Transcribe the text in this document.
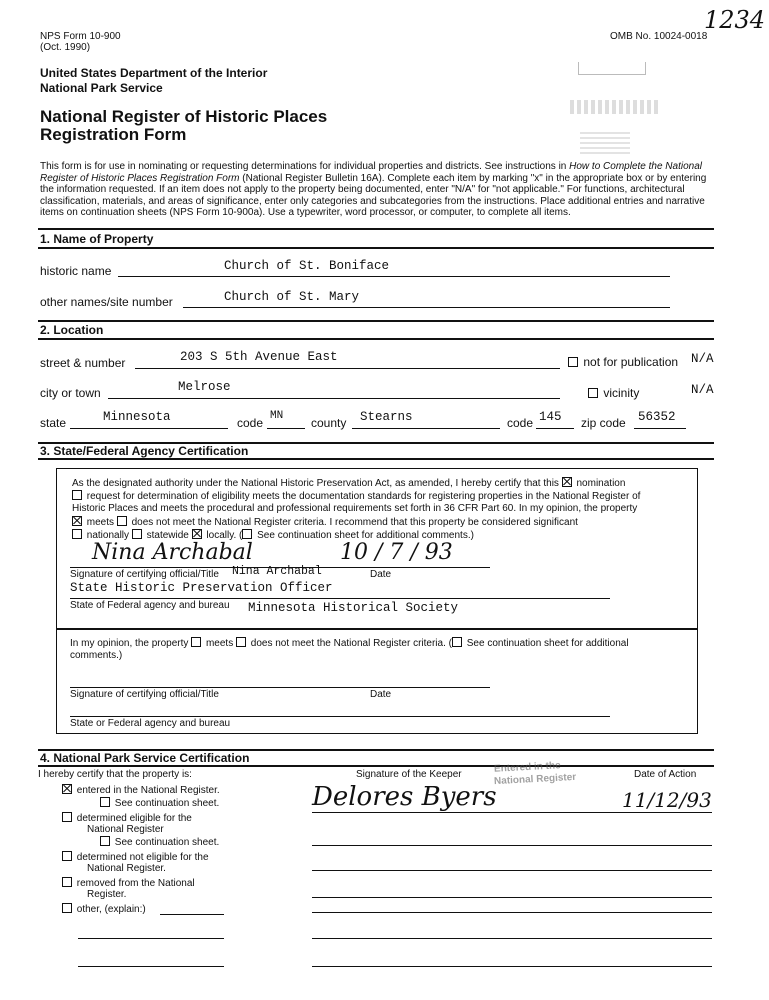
NPS Form 10-900
(Oct. 1990)
OMB No. 10024-0018
1234
United States Department of the Interior
National Park Service
National Register of Historic Places
Registration Form
This form is for use in nominating or requesting determinations for individual properties and districts. See instructions in How to Complete the National Register of Historic Places Registration Form (National Register Bulletin 16A). Complete each item by marking "x" in the appropriate box or by entering the information requested. If an item does not apply to the property being documented, enter "N/A" for "not applicable." For functions, architectural classification, materials, and areas of significance, enter only categories and subcategories from the instructions. Place additional entries and narrative items on continuation sheets (NPS Form 10-900a). Use a typewriter, word processor, or computer, to complete all items.
1. Name of Property
historic name	Church of St. Boniface
other names/site number	Church of St. Mary
2. Location
street & number	203 S 5th Avenue East	not for publication N/A
city or town	Melrose	vicinity	N/A
state	Minnesota	code MN county Stearns	code 145 zip code 56352
3. State/Federal Agency Certification
As the designated authority under the National Historic Preservation Act, as amended, I hereby certify that this nomination
request for determination of eligibility meets the documentation standards for registering properties in the National Register of
Historic Places and meets the procedural and professional requirements set forth in 36 CFR Part 60. In my opinion, the property
meets does not meet the National Register criteria. I recommend that this property be considered significant
nationally statewide locally. ( See continuation sheet for additional comments.)
Nina Archabal	10 / 7 / 93
Signature of certifying official/Title Nina Archabal	Date
State Historic Preservation Officer
State of Federal agency and bureau Minnesota Historical Society
In my opinion, the property meets does not meet the National Register criteria. ( See continuation sheet for additional
comments.)
Signature of certifying official/Title	Date
State or Federal agency and bureau
4. National Park Service Certification
I hereby certify that the property is:	Signature of the Keeper	Date of Action
Entered in the
National Register
Delores Byers	11/12/93
entered in the National Register.
See continuation sheet.
determined eligible for the
National Register
See continuation sheet.
determined not eligible for the
National Register.
removed from the National
Register.
other, (explain:)
